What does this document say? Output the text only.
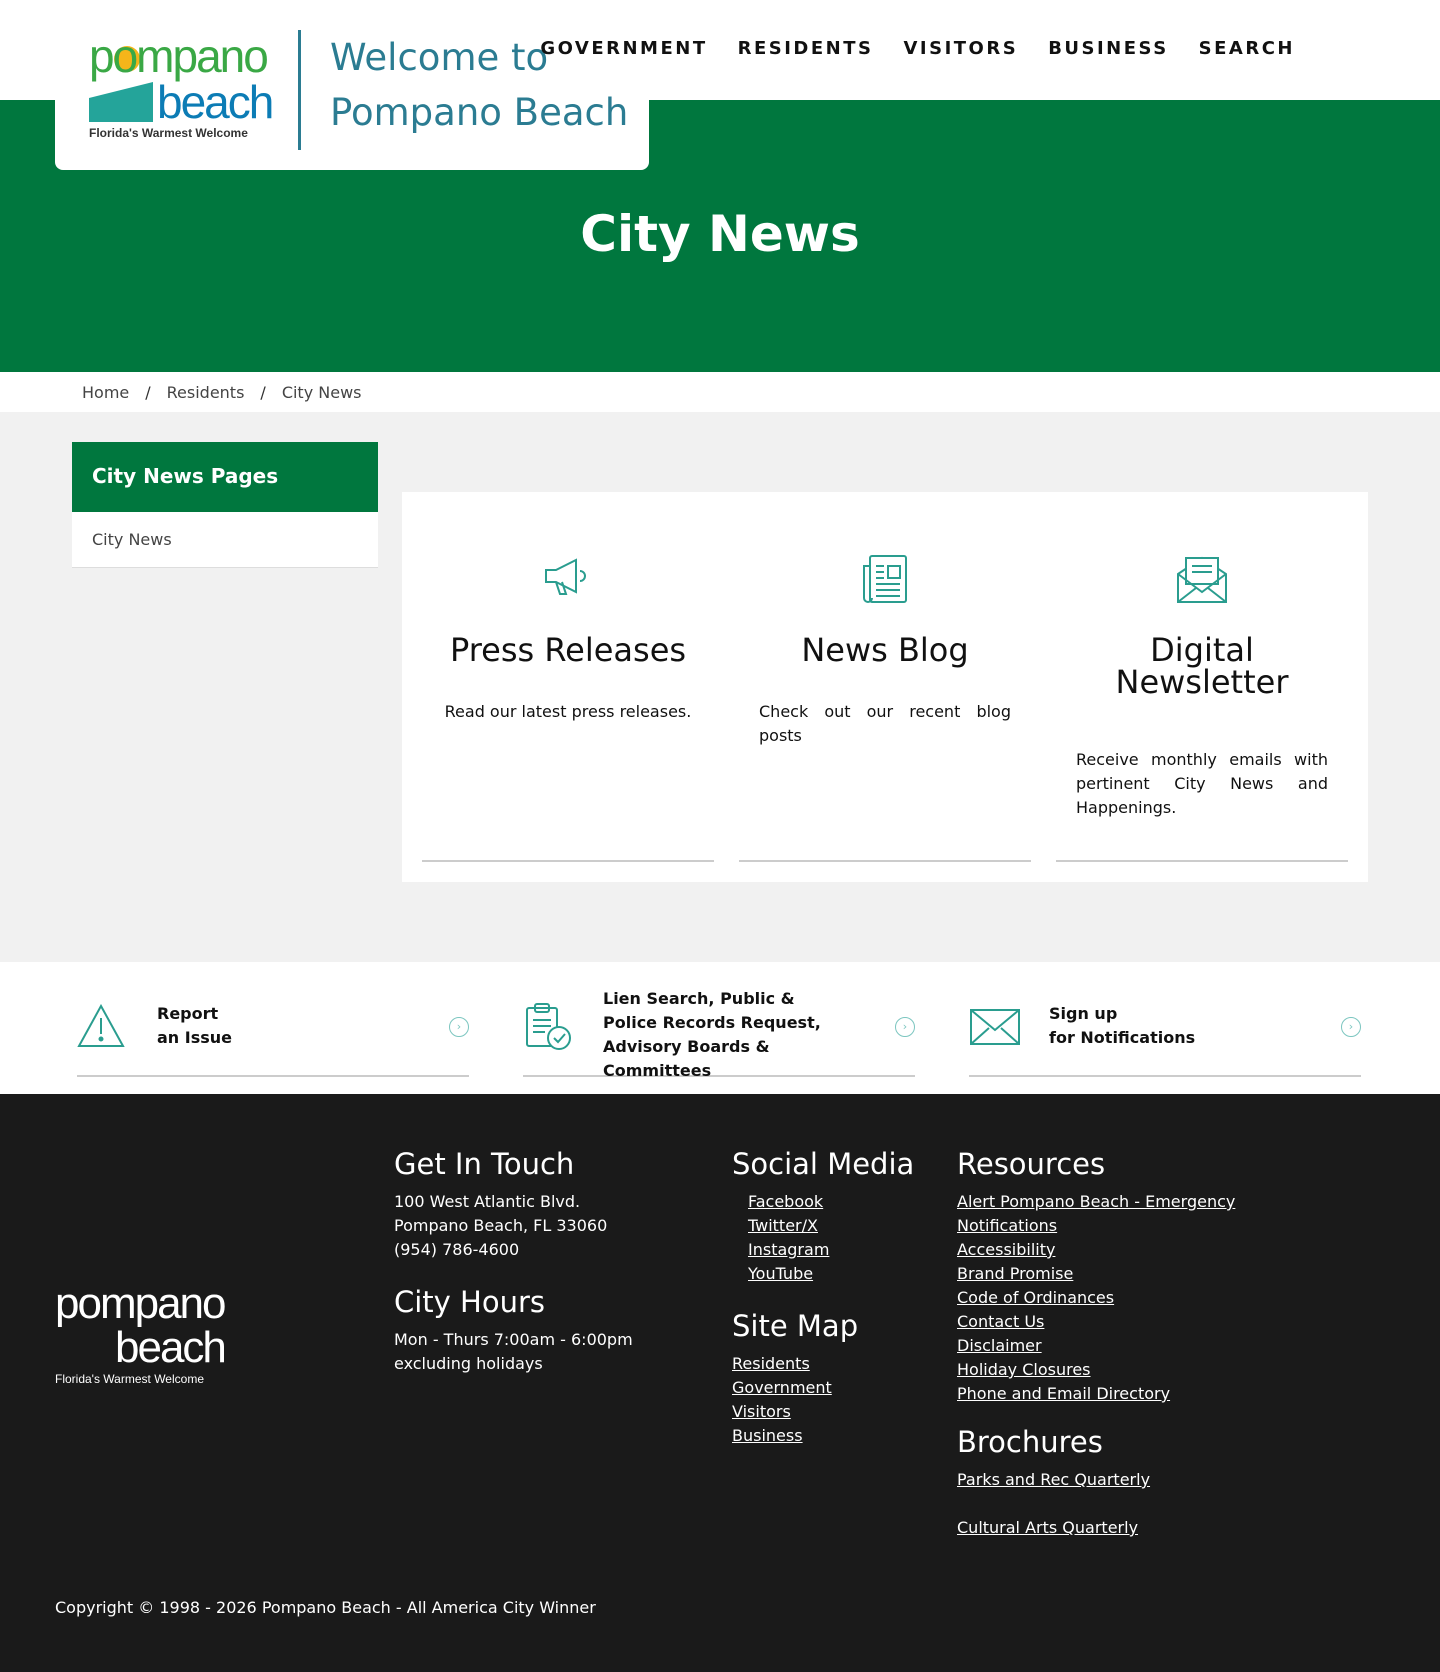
pompano
beach
Florida's Warmest Welcome
Welcome to Pompano Beach
GOVERNMENT RESIDENTS VISITORS BUSINESS SEARCH
City News
Home / Residents / City News
City News Pages
City News
Press Releases

Read our latest press releases.

News Blog

Check out our recent blog posts

Digital Newsletter

Receive monthly emails with pertinent City News and Happenings.

Report
an Issue
›
Lien Search, Public & Police Records Request, Advisory Boards & Committees
›
Sign up
for Notifications
›
pompano
beach
Florida's Warmest Welcome
Get In Touch
100 West Atlantic Blvd.
Pompano Beach, FL 33060
(954) 786-4600
City Hours
Mon - Thurs 7:00am - 6:00pm
excluding holidays
Social Media
Facebook
Twitter/X
Instagram
YouTube
Site Map
Residents
Government
Visitors
Business
Resources
Alert Pompano Beach - Emergency Notifications
Accessibility
Brand Promise
Code of Ordinances
Contact Us
Disclaimer
Holiday Closures
Phone and Email Directory
Brochures
Parks and Rec Quarterly
Cultural Arts Quarterly
Copyright © 1998 - 2026 Pompano Beach - All America City Winner
